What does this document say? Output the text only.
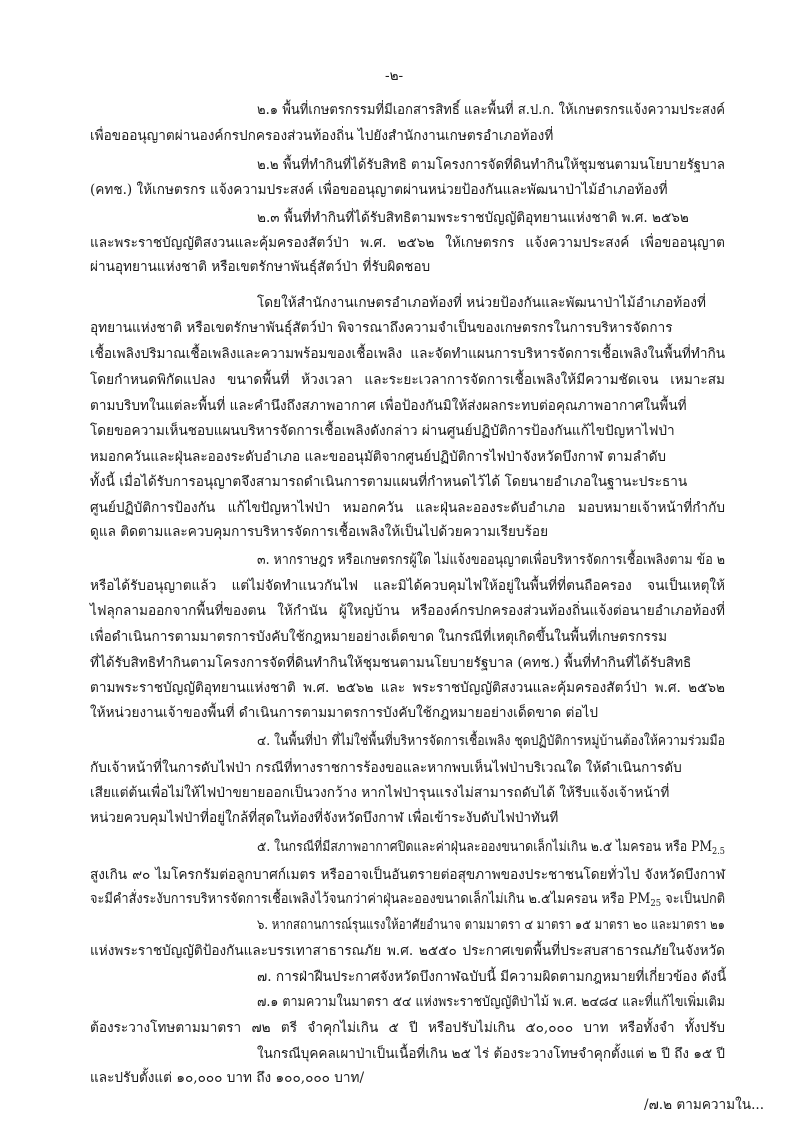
-๒-
๒.๑ พื้นที่เกษตรกรรมที่มีเอกสารสิทธิ์ และพื้นที่ ส.ป.ก. ให้เกษตรกรแจ้งความประสงค์
เพื่อขออนุญาตผ่านองค์กรปกครองส่วนท้องถิ่น ไปยังสำนักงานเกษตรอำเภอท้องที่
๒.๒ พื้นที่ทำกินที่ได้รับสิทธิ ตามโครงการจัดที่ดินทำกินให้ชุมชนตามนโยบายรัฐบาล
(คทช.) ให้เกษตรกร แจ้งความประสงค์ เพื่อขออนุญาตผ่านหน่วยป้องกันและพัฒนาป่าไม้อำเภอท้องที่
๒.๓ พื้นที่ทำกินที่ได้รับสิทธิตามพระราชบัญญัติอุทยานแห่งชาติ พ.ศ. ๒๕๖๒
และพระราชบัญญัติสงวนและคุ้มครองสัตว์ป่า พ.ศ. ๒๕๖๒ ให้เกษตรกร แจ้งความประสงค์ เพื่อขออนุญาต
ผ่านอุทยานแห่งชาติ หรือเขตรักษาพันธุ์สัตว์ป่า ที่รับผิดชอบ
โดยให้สำนักงานเกษตรอำเภอท้องที่ หน่วยป้องกันและพัฒนาป่าไม้อำเภอท้องที่
อุทยานแห่งชาติ หรือเขตรักษาพันธุ์สัตว์ป่า พิจารณาถึงความจำเป็นของเกษตรกรในการบริหารจัดการ
เชื้อเพลิงปริมาณเชื้อเพลิงและความพร้อมของเชื้อเพลิง และจัดทำแผนการบริหารจัดการเชื้อเพลิงในพื้นที่ทำกิน
โดยกำหนดพิกัดแปลง ขนาดพื้นที่ ห้วงเวลา และระยะเวลาการจัดการเชื้อเพลิงให้มีความชัดเจน เหมาะสม
ตามบริบทในแต่ละพื้นที่ และคำนึงถึงสภาพอากาศ เพื่อป้องกันมิให้ส่งผลกระทบต่อคุณภาพอากาศในพื้นที่
โดยขอความเห็นชอบแผนบริหารจัดการเชื้อเพลิงดังกล่าว ผ่านศูนย์ปฏิบัติการป้องกันแก้ไขปัญหาไฟป่า
หมอกควันและฝุ่นละอองระดับอำเภอ และขออนุมัติจากศูนย์ปฏิบัติการไฟป่าจังหวัดบึงกาฬ ตามลำดับ
ทั้งนี้ เมื่อได้รับการอนุญาตจึงสามารถดำเนินการตามแผนที่กำหนดไว้ได้ โดยนายอำเภอในฐานะประธาน
ศูนย์ปฏิบัติการป้องกัน แก้ไขปัญหาไฟป่า หมอกควัน และฝุ่นละอองระดับอำเภอ มอบหมายเจ้าหน้าที่กำกับ
ดูแล ติดตามและควบคุมการบริหารจัดการเชื้อเพลิงให้เป็นไปด้วยความเรียบร้อย
๓. หากราษฎร หรือเกษตรกรผู้ใด ไม่แจ้งขออนุญาตเพื่อบริหารจัดการเชื้อเพลิงตาม ข้อ ๒
หรือได้รับอนุญาตแล้ว แต่ไม่จัดทำแนวกันไฟ และมิได้ควบคุมไฟให้อยู่ในพื้นที่ที่ตนถือครอง จนเป็นเหตุให้
ไฟลุกลามออกจากพื้นที่ของตน ให้กำนัน ผู้ใหญ่บ้าน หรือองค์กรปกครองส่วนท้องถิ่นแจ้งต่อนายอำเภอท้องที่
เพื่อดำเนินการตามมาตรการบังคับใช้กฎหมายอย่างเด็ดขาด ในกรณีที่เหตุเกิดขึ้นในพื้นที่เกษตรกรรม
ที่ได้รับสิทธิทำกินตามโครงการจัดที่ดินทำกินให้ชุมชนตามนโยบายรัฐบาล (คทช.) พื้นที่ทำกินที่ได้รับสิทธิ
ตามพระราชบัญญัติอุทยานแห่งชาติ พ.ศ. ๒๕๖๒ และ พระราชบัญญัติสงวนและคุ้มครองสัตว์ป่า พ.ศ. ๒๕๖๒
ให้หน่วยงานเจ้าของพื้นที่ ดำเนินการตามมาตรการบังคับใช้กฎหมายอย่างเด็ดขาด ต่อไป
๔. ในพื้นที่ป่า ที่ไม่ใช่พื้นที่บริหารจัดการเชื้อเพลิง ชุดปฏิบัติการหมู่บ้านต้องให้ความร่วมมือ
กับเจ้าหน้าที่ในการดับไฟป่า กรณีที่ทางราชการร้องขอและหากพบเห็นไฟป่าบริเวณใด ให้ดำเนินการดับ
เสียแต่ต้นเพื่อไม่ให้ไฟป่าขยายออกเป็นวงกว้าง หากไฟป่ารุนแรงไม่สามารถดับได้ ให้รีบแจ้งเจ้าหน้าที่
หน่วยควบคุมไฟป่าที่อยู่ใกล้ที่สุดในท้องที่จังหวัดบึงกาฬ เพื่อเข้าระงับดับไฟป่าทันที
๕. ในกรณีที่มีสภาพอากาศปิดและค่าฝุ่นละอองขนาดเล็กไม่เกิน ๒.๕ ไมครอน หรือ $PM_{2.5}$
สูงเกิน ๙๐ ไมโครกรัมต่อลูกบาศก์เมตร หรืออาจเป็นอันตรายต่อสุขภาพของประชาชนโดยทั่วไป จังหวัดบึงกาฬ
จะมีคำสั่งระงับการบริหารจัดการเชื้อเพลิงไว้จนกว่าค่าฝุ่นละอองขนาดเล็กไม่เกิน ๒.๕ไมครอน หรือ $PM_{25}$ จะเป็นปกติ
๖. หากสถานการณ์รุนแรงให้อาศัยอำนาจ ตามมาตรา ๔ มาตรา ๑๕ มาตรา ๒๐ และมาตรา ๒๑
แห่งพระราชบัญญัติป้องกันและบรรเทาสาธารณภัย พ.ศ. ๒๕๕๐ ประกาศเขตพื้นที่ประสบสาธารณภัยในจังหวัด
๗. การฝ่าฝืนประกาศจังหวัดบึงกาฬฉบับนี้ มีความผิดตามกฎหมายที่เกี่ยวข้อง ดังนี้
๗.๑ ตามความในมาตรา ๕๔ แห่งพระราชบัญญัติป่าไม้ พ.ศ. ๒๔๘๔ และที่แก้ไขเพิ่มเติม
ต้องระวางโทษตามมาตรา ๗๒ ตรี จำคุกไม่เกิน ๕ ปี หรือปรับไม่เกิน ๕๐,๐๐๐ บาท หรือทั้งจำ ทั้งปรับ
ในกรณีบุคคลเผาป่าเป็นเนื้อที่เกิน ๒๕ ไร่ ต้องระวางโทษจำคุกตั้งแต่ ๒ ปี ถึง ๑๕ ปี
และปรับตั้งแต่ ๑๐,๐๐๐ บาท ถึง ๑๐๐,๐๐๐ บาท/
/๗.๒ ตามความใน...
